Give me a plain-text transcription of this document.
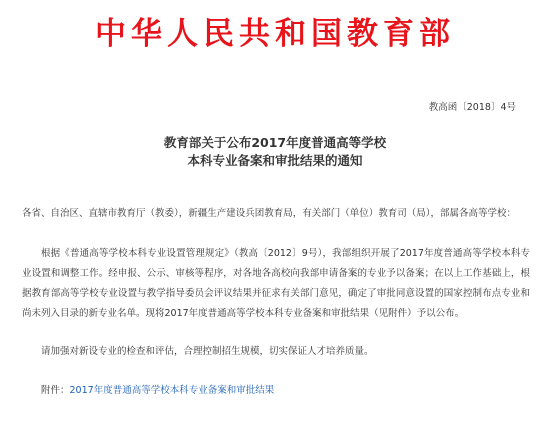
中华人民共和国教育部
教高函〔2018〕4号
教育部关于公布2017年度普通高等学校
本科专业备案和审批结果的通知
各省、自治区、直辖市教育厅（教委），新疆生产建设兵团教育局，有关部门（单位）教育司（局），部属各高等学校：
根据《普通高等学校本科专业设置管理规定》（教高〔2012〕9号），我部组织开展了2017年度普通高等学校本科专业设置和调整工作。经申报、公示、审核等程序，对各地各高校向我部申请备案的专业予以备案；在以上工作基础上，根据教育部高等学校专业设置与教学指导委员会评议结果并征求有关部门意见，确定了审批同意设置的国家控制布点专业和尚未列入目录的新专业名单。现将2017年度普通高等学校本科专业备案和审批结果（见附件）予以公布。
请加强对新设专业的检查和评估，合理控制招生规模，切实保证人才培养质量。
附件：2017年度普通高等学校本科专业备案和审批结果
